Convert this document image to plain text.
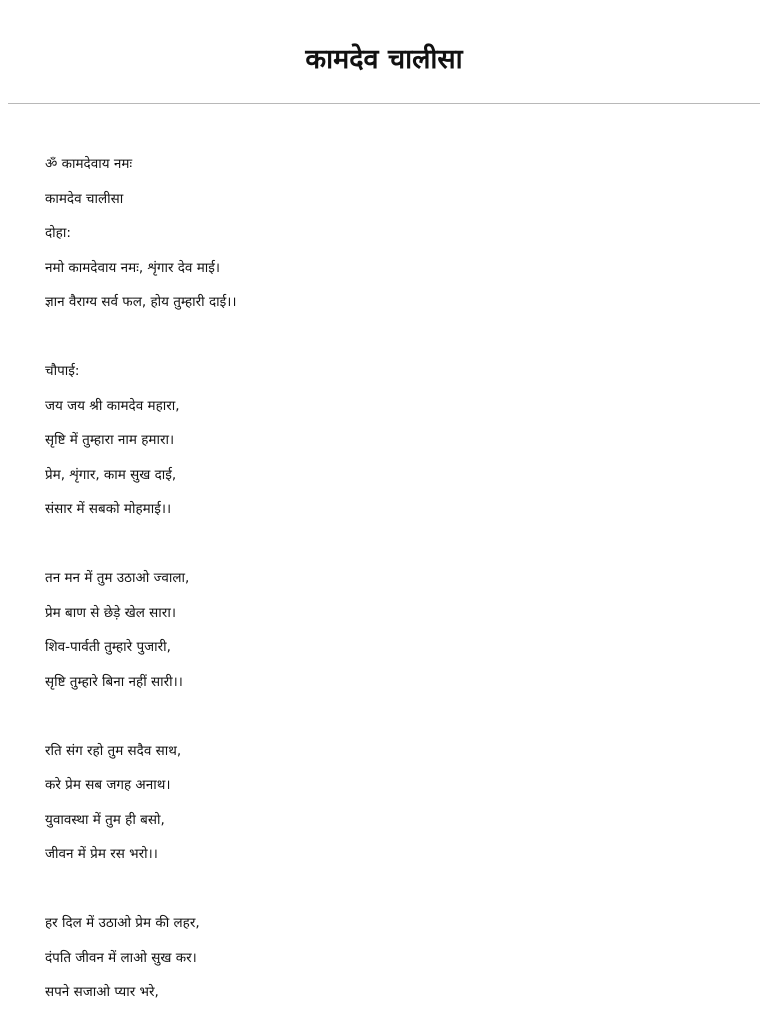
कामदेव चालीसा
ॐ कामदेवाय नमः
कामदेव चालीसा
दोहा:
नमो कामदेवाय नमः, शृंगार देव माई।
ज्ञान वैराग्य सर्व फल, होय तुम्हारी दाई।।
चौपाई:
जय जय श्री कामदेव महारा,
सृष्टि में तुम्हारा नाम हमारा।
प्रेम, शृंगार, काम सुख दाई,
संसार में सबको मोहमाई।।
तन मन में तुम उठाओ ज्वाला,
प्रेम बाण से छेड़े खेल सारा।
शिव-पार्वती तुम्हारे पुजारी,
सृष्टि तुम्हारे बिना नहीं सारी।।
रति संग रहो तुम सदैव साथ,
करे प्रेम सब जगह अनाथ।
युवावस्था में तुम ही बसो,
जीवन में प्रेम रस भरो।।
हर दिल में उठाओ प्रेम की लहर,
दंपति जीवन में लाओ सुख कर।
सपने सजाओ प्यार भरे,
